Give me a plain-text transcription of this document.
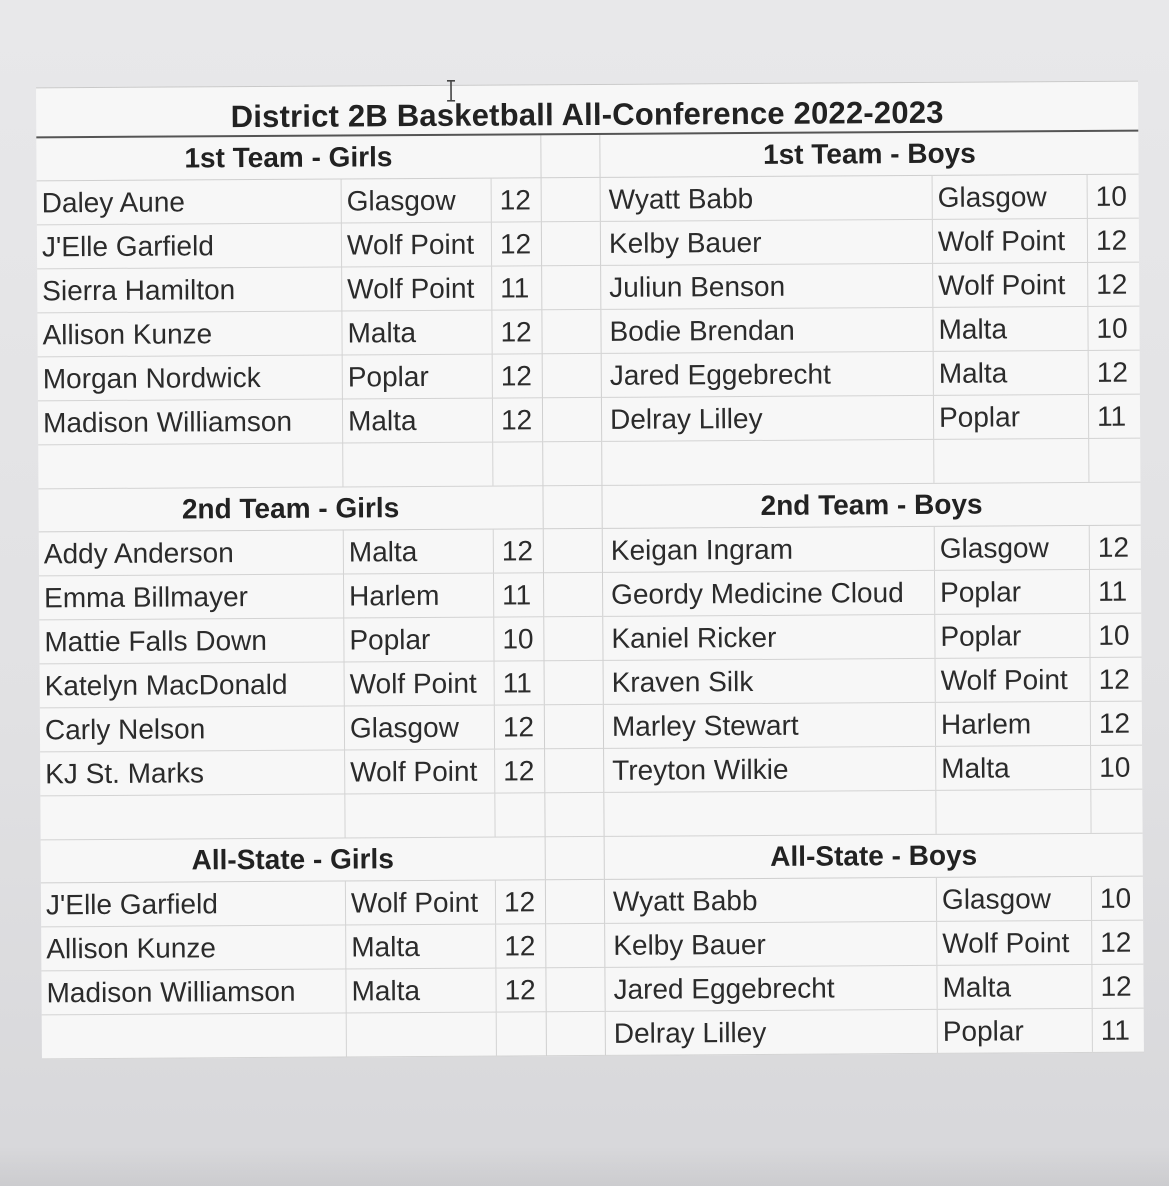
District 2B Basketball All-Conference 2022-2023
1st Team - Girls
Daley Aune	Glasgow	12
J'Elle Garfield	Wolf Point 12
Sierra Hamilton	Wolf Point 11
Allison Kunze	Malta	12
Morgan Nordwick	Poplar	12
Madison Williamson	Malta	12
2nd Team - Girls
Addy Anderson	Malta	12
Emma Billmayer	Harlem	11
Mattie Falls Down	Poplar	10
Katelyn MacDonald	Wolf Point 11
Carly Nelson	Glasgow	12
KJ St. Marks	Wolf Point 12
All-State - Girls
J'Elle Garfield	Wolf Point 12
Allison Kunze	Malta	12
Madison Williamson	Malta	12
1st Team - Boys
Wyatt Babb	Glasgow	10
Kelby Bauer	Wolf Point	12
Juliun Benson	Wolf Point	12
Bodie Brendan	Malta	10
Jared Eggebrecht	Malta	12
Delray Lilley	Poplar	11
2nd Team - Boys
Keigan Ingram	Glasgow	12
Geordy Medicine Cloud	Poplar	11
Kaniel Ricker	Poplar	10
Kraven Silk	Wolf Point	12
Marley Stewart	Harlem	12
Treyton Wilkie	Malta	10
All-State - Boys
Wyatt Babb	Glasgow	10
Kelby Bauer	Wolf Point	12
Jared Eggebrecht	Malta	12
Delray Lilley	Poplar	11
